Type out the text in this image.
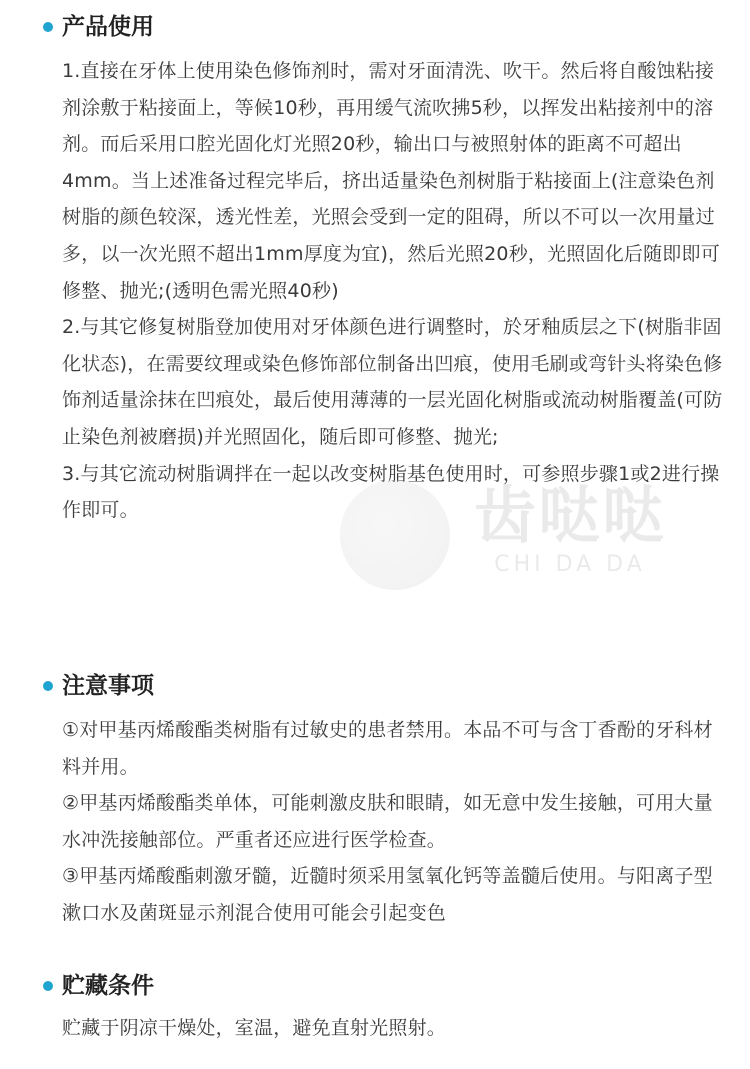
产品使用

1.直接在牙体上使用染色修饰剂时，需对牙面清洗、吹干。然后将自酸蚀粘接剂涂敷于粘接面上，等候10秒，再用缓气流吹拂5秒，以挥发出粘接剂中的溶剂。而后采用口腔光固化灯光照20秒，输出口与被照射体的距离不可超出4mm。当上述准备过程完毕后，挤出适量染色剂树脂于粘接面上(注意染色剂树脂的颜色较深，透光性差，光照会受到一定的阻碍，所以不可以一次用量过多，以一次光照不超出1mm厚度为宜)，然后光照20秒，光照固化后随即即可修整、抛光;(透明色需光照40秒)

2.与其它修复树脂登加使用对牙体颜色进行调整时，於牙釉质层之下(树脂非固化状态)，在需要纹理或染色修饰部位制备出凹痕，使用毛刷或弯针头将染色修饰剂适量涂抹在凹痕处，最后使用薄薄的一层光固化树脂或流动树脂覆盖(可防止染色剂被磨损)并光照固化，随后即可修整、抛光;

3.与其它流动树脂调拌在一起以改变树脂基色使用时，可参照步骤1或2进行操作即可。	齿哒哒
CHI DA DA
注意事项

①对甲基丙烯酸酯类树脂有过敏史的患者禁用。本品不可与含丁香酚的牙科材料并用。

②甲基丙烯酸酯类单体，可能刺激皮肤和眼睛，如无意中发生接触，可用大量水冲洗接触部位。严重者还应进行医学检查。

③甲基丙烯酸酯刺激牙髓，近髓时须采用氢氧化钙等盖髓后使用。与阳离子型漱口水及菌斑显示剂混合使用可能会引起变色

贮藏条件

贮藏于阴凉干燥处，室温，避免直射光照射。
